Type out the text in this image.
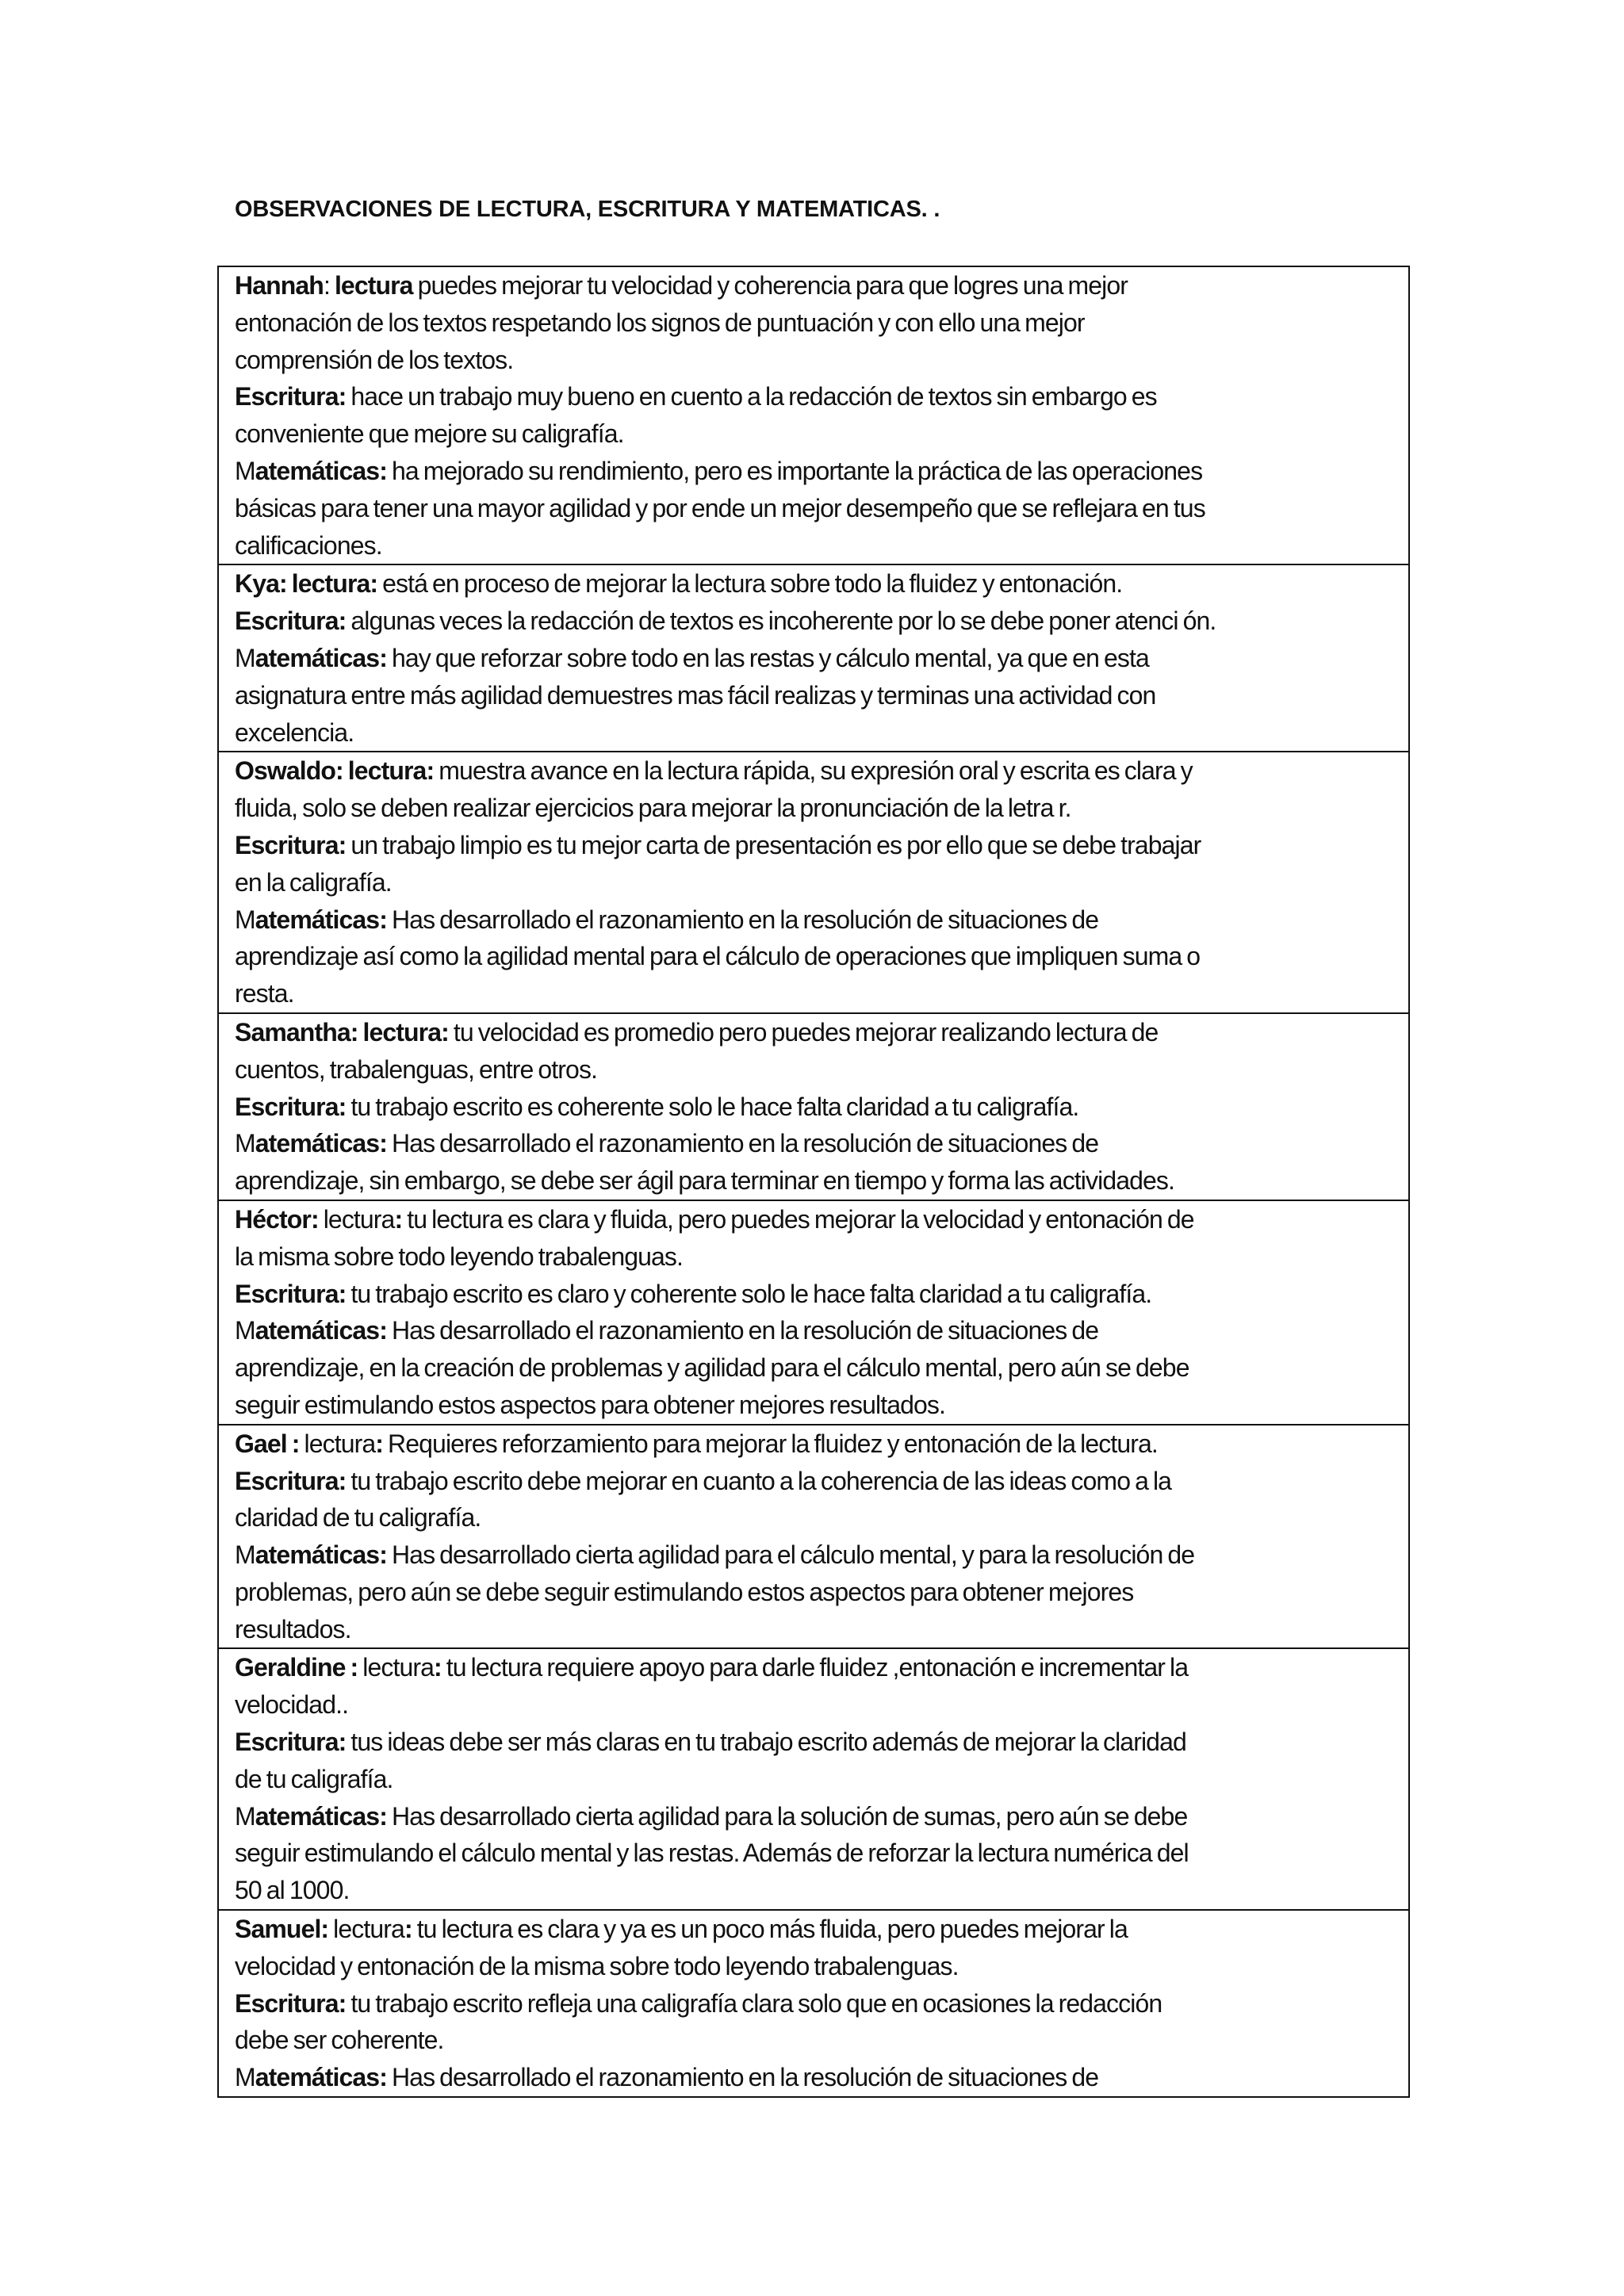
OBSERVACIONES DE LECTURA, ESCRITURA Y MATEMATICAS. .
Hannah: lectura puedes mejorar tu velocidad y coherencia para que logres una mejor
entonación de los textos respetando los signos de puntuación y con ello una mejor
comprensión de los textos.
Escritura: hace un trabajo muy bueno en cuento a la redacción de textos sin embargo es
conveniente que mejore su caligrafía.
Matemáticas: ha mejorado su rendimiento, pero es importante la práctica de las operaciones
básicas para tener una mayor agilidad y por ende un mejor desempeño que se reflejara en tus
calificaciones.

Kya: lectura: está en proceso de mejorar la lectura sobre todo la fluidez y entonación.
Escritura: algunas veces la redacción de textos es incoherente por lo se debe poner atenci ón.
Matemáticas: hay que reforzar sobre todo en las restas y cálculo mental, ya que en esta
asignatura entre más agilidad demuestres mas fácil realizas y terminas una actividad con
excelencia.

Oswaldo: lectura: muestra avance en la lectura rápida, su expresión oral y escrita es clara y
fluida, solo se deben realizar ejercicios para mejorar la pronunciación de la letra r.
Escritura: un trabajo limpio es tu mejor carta de presentación es por ello que se debe trabajar
en la caligrafía.
Matemáticas: Has desarrollado el razonamiento en la resolución de situaciones de
aprendizaje así como la agilidad mental para el cálculo de operaciones que impliquen suma o
resta.

Samantha: lectura: tu velocidad es promedio pero puedes mejorar realizando lectura de
cuentos, trabalenguas, entre otros.
Escritura: tu trabajo escrito es coherente solo le hace falta claridad a tu caligrafía.
Matemáticas: Has desarrollado el razonamiento en la resolución de situaciones de
aprendizaje, sin embargo, se debe ser ágil para terminar en tiempo y forma las actividades.

Héctor: lectura: tu lectura es clara y fluida, pero puedes mejorar la velocidad y entonación de
la misma sobre todo leyendo trabalenguas.
Escritura: tu trabajo escrito es claro y coherente solo le hace falta claridad a tu caligrafía.
Matemáticas: Has desarrollado el razonamiento en la resolución de situaciones de
aprendizaje, en la creación de problemas y agilidad para el cálculo mental, pero aún se debe
seguir estimulando estos aspectos para obtener mejores resultados.

Gael : lectura: Requieres reforzamiento para mejorar la fluidez y entonación de la lectura.
Escritura: tu trabajo escrito debe mejorar en cuanto a la coherencia de las ideas como a la
claridad de tu caligrafía.
Matemáticas: Has desarrollado cierta agilidad para el cálculo mental, y para la resolución de
problemas, pero aún se debe seguir estimulando estos aspectos para obtener mejores
resultados.

Geraldine : lectura: tu lectura requiere apoyo para darle fluidez ,entonación e incrementar la
velocidad..
Escritura: tus ideas debe ser más claras en tu trabajo escrito además de mejorar la claridad
de tu caligrafía.
Matemáticas: Has desarrollado cierta agilidad para la solución de sumas, pero aún se debe
seguir estimulando el cálculo mental y las restas. Además de reforzar la lectura numérica del
50 al 1000.

Samuel: lectura: tu lectura es clara y ya es un poco más fluida, pero puedes mejorar la
velocidad y entonación de la misma sobre todo leyendo trabalenguas.
Escritura: tu trabajo escrito refleja una caligrafía clara solo que en ocasiones la redacción
debe ser coherente.
Matemáticas: Has desarrollado el razonamiento en la resolución de situaciones de
